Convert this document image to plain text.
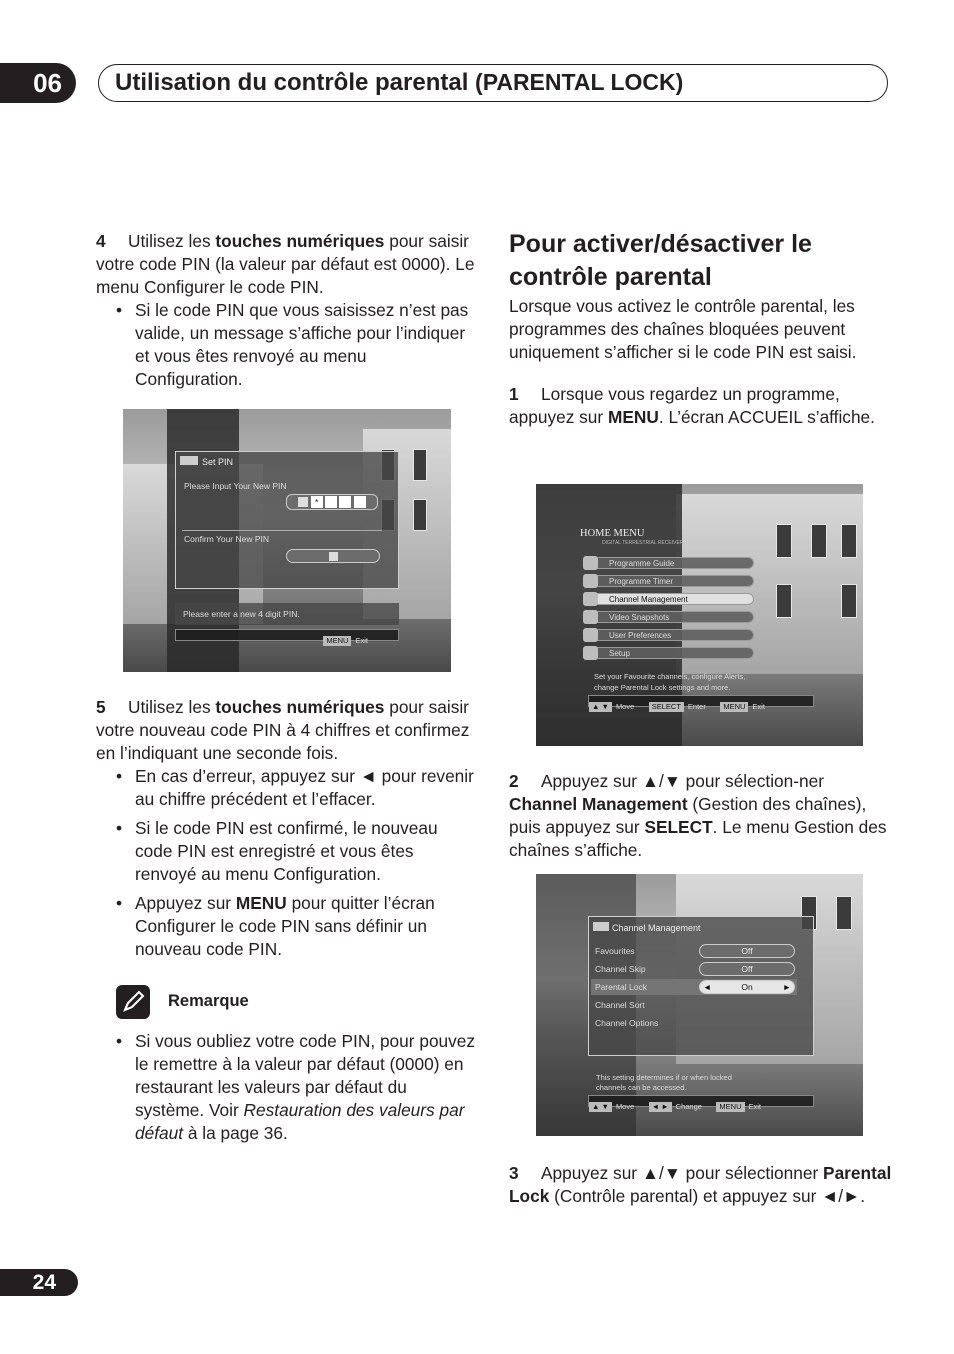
06	Utilisation du contrôle parental (PARENTAL LOCK)

4 Utilisez les touches numériques pour saisir votre code PIN (la valeur par défaut est 0000). Le menu Configurer le code PIN.

• Si le code PIN que vous saisissez n’est pas valide, un message s’affiche pour l’indiquer et vous êtes renvoyé au menu Configuration.

Set PIN
Please Input Your New PIN
*
Confirm Your New PIN
Please enter a new 4 digit PIN.
MENU Exit

5 Utilisez les touches numériques pour saisir votre nouveau code PIN à 4 chiffres et confirmez en l’indiquant une seconde fois.

• En cas d’erreur, appuyez sur ◄ pour revenir au chiffre précédent et l’effacer.

• Si le code PIN est confirmé, le nouveau code PIN est enregistré et vous êtes renvoyé au menu Configuration.

• Appuyez sur MENU pour quitter l’écran Configurer le code PIN sans définir un nouveau code PIN.

Remarque

• Si vous oubliez votre code PIN, pour pouvez le remettre à la valeur par défaut (0000) en restaurant les valeurs par défaut du système. Voir Restauration des valeurs par défaut à la page 36.

Pour activer/désactiver le contrôle parental

Lorsque vous activez le contrôle parental, les programmes des chaînes bloquées peuvent uniquement s’afficher si le code PIN est saisi.

1 Lorsque vous regardez un programme, appuyez sur MENU. L’écran ACCUEIL s’affiche.

HOME MENU
DIGITAL TERRESTRIAL RECEIVER
Programme Guide
Programme Timer
Channel Management
Video Snapshots
User Preferences
Setup
Set your Favourite channels, configure Alerts,
change Parental Lock settings and more.
▲ ▼ Move SELECT Enter MENU Exit

2 Appuyez sur ▲/▼ pour sélection-ner Channel Management (Gestion des chaînes), puis appuyez sur SELECT. Le menu Gestion des chaînes s’affiche.

Channel Management
Favourites	Off
Channel Skip	Off
Parental Lock	◄	On	►
Channel Sort
Channel Options
This setting determines if or when locked
channels can be accessed.
▲ ▼ Move ◄ ► Change MENU Exit

3 Appuyez sur ▲/▼ pour sélectionner Parental Lock (Contrôle parental) et appuyez sur ◄/►.

24
